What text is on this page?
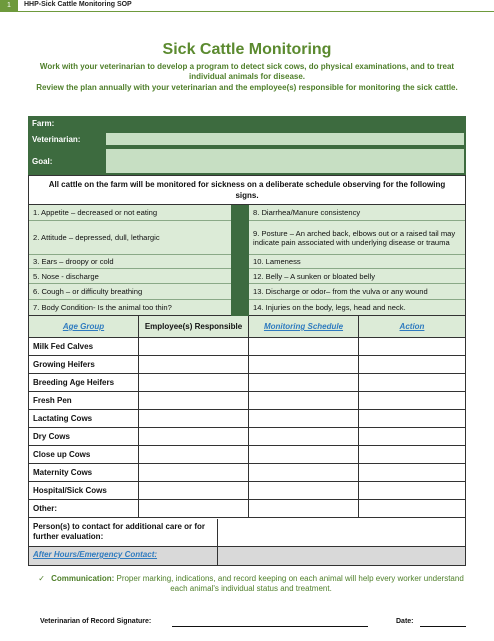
1	HHP-Sick Cattle Monitoring SOP
Sick Cattle Monitoring
Work with your veterinarian to develop a program to detect sick cows, do physical examinations, and to treat individual animals for disease.
Review the plan annually with your veterinarian and the employee(s) responsible for monitoring the sick cattle.
Farm:
Veterinarian:
Goal:
All cattle on the farm will be monitored for sickness on a deliberate schedule observing for the following signs.
1. Appetite – decreased or not eating
2. Attitude – depressed, dull, lethargic
3. Ears – droopy or cold
5. Nose - discharge
6. Cough – or difficulty breathing
7. Body Condition- Is the animal too thin?
8. Diarrhea/Manure consistency
9. Posture – An arched back, elbows out or a raised tail may indicate pain associated with underlying disease or trauma
10. Lameness
12. Belly – A sunken or bloated belly
13. Discharge or odor– from the vulva or any wound
14. Injuries on the body, legs, head and neck.
Age Group	Employee(s) Responsible	Monitoring Schedule	Action
Milk Fed Calves
Growing Heifers
Breeding Age Heifers
Fresh Pen
Lactating Cows
Dry Cows
Close up Cows
Maternity Cows
Hospital/Sick Cows
Other:
Person(s) to contact for additional care or for further evaluation:
After Hours/Emergency Contact:
✓ Communication: Proper marking, indications, and record keeping on each animal will help every worker understand each animal's individual status and treatment.
Veterinarian of Record Signature:	Date:
